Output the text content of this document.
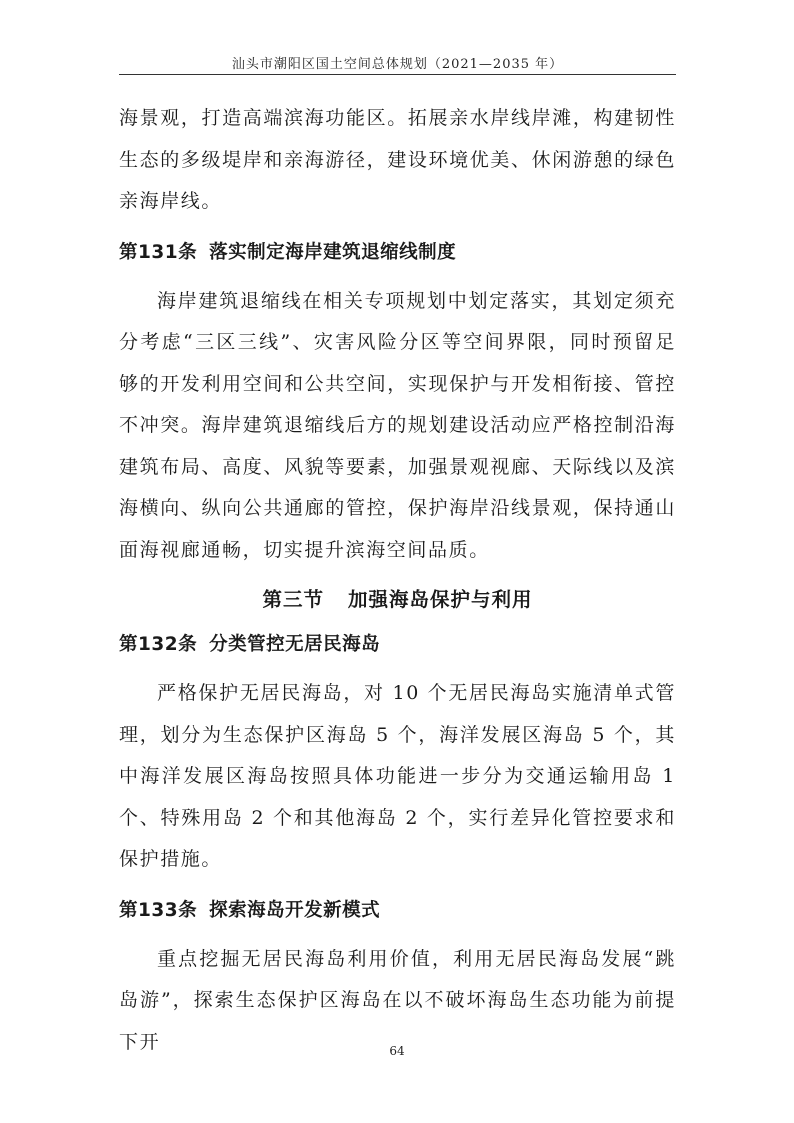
汕头市潮阳区国土空间总体规划（2021—2035 年）

海景观，打造高端滨海功能区。拓展亲水岸线岸滩，构建韧性生态的多级堤岸和亲海游径，建设环境优美、休闲游憩的绿色亲海岸线。

第131条 落实制定海岸建筑退缩线制度

海岸建筑退缩线在相关专项规划中划定落实，其划定须充分考虑“三区三线”、灾害风险分区等空间界限，同时预留足够的开发利用空间和公共空间，实现保护与开发相衔接、管控不冲突。海岸建筑退缩线后方的规划建设活动应严格控制沿海建筑布局、高度、风貌等要素，加强景观视廊、天际线以及滨海横向、纵向公共通廊的管控，保护海岸沿线景观，保持通山面海视廊通畅，切实提升滨海空间品质。

第三节 加强海岛保护与利用
第132条 分类管控无居民海岛

严格保护无居民海岛，对 10 个无居民海岛实施清单式管理，划分为生态保护区海岛 5 个，海洋发展区海岛 5 个，其中海洋发展区海岛按照具体功能进一步分为交通运输用岛 1 个、特殊用岛 2 个和其他海岛 2 个，实行差异化管控要求和保护措施。

第133条 探索海岛开发新模式

重点挖掘无居民海岛利用价值，利用无居民海岛发展“跳岛游”，探索生态保护区海岛在以不破坏海岛生态功能为前提下开	64
